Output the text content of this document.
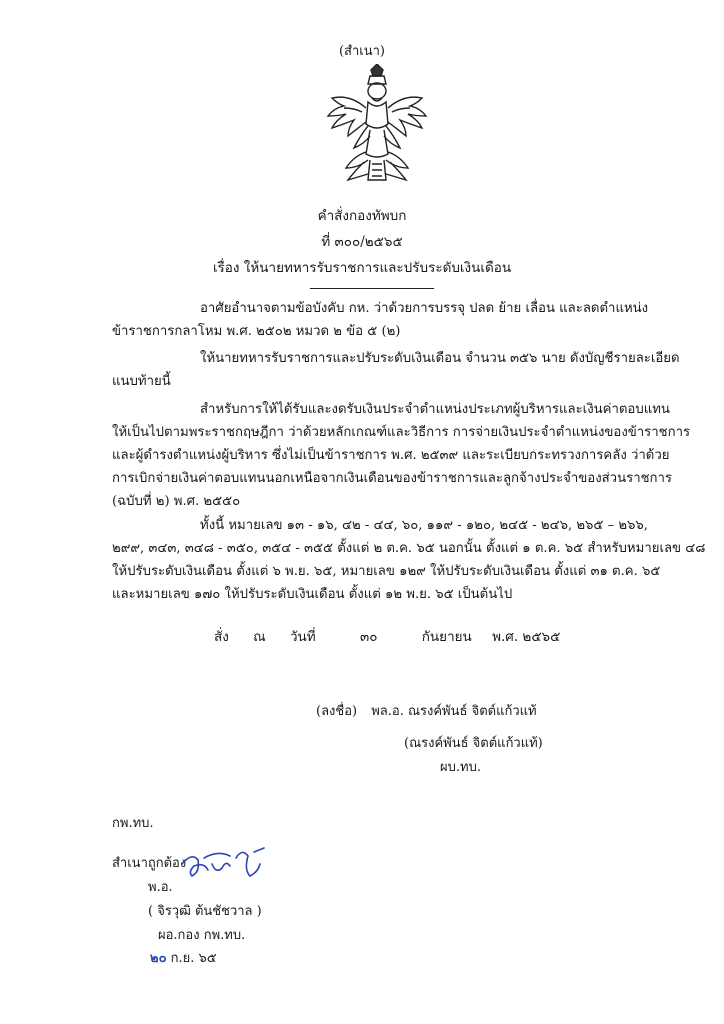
(สำเนา)
คำสั่งกองทัพบก
ที่ ๓๐๐/๒๕๖๕
เรื่อง ให้นายทหารรับราชการและปรับระดับเงินเดือน
อาศัยอำนาจตามข้อบังคับ กห. ว่าด้วยการบรรจุ ปลด ย้าย เลื่อน และลดตำแหน่ง
ข้าราชการกลาโหม พ.ศ. ๒๕๐๒ หมวด ๒ ข้อ ๕ (๒)
ให้นายทหารรับราชการและปรับระดับเงินเดือน จำนวน ๓๕๖ นาย ดังบัญชีรายละเอียด
แนบท้ายนี้
สำหรับการให้ได้รับและงดรับเงินประจำตำแหน่งประเภทผู้บริหารและเงินค่าตอบแทน
ให้เป็นไปตามพระราชกฤษฎีกา ว่าด้วยหลักเกณฑ์และวิธีการ การจ่ายเงินประจำตำแหน่งของข้าราชการ
และผู้ดำรงตำแหน่งผู้บริหาร ซึ่งไม่เป็นข้าราชการ พ.ศ. ๒๕๓๙ และระเบียบกระทรวงการคลัง ว่าด้วย
การเบิกจ่ายเงินค่าตอบแทนนอกเหนือจากเงินเดือนของข้าราชการและลูกจ้างประจำของส่วนราชการ
(ฉบับที่ ๒) พ.ศ. ๒๕๕๐
ทั้งนี้ หมายเลข ๑๓ - ๑๖, ๔๒ - ๔๔, ๖๐, ๑๑๙ - ๑๒๐, ๒๔๕ - ๒๔๖, ๒๖๕ – ๒๖๖,
๒๙๙, ๓๔๓, ๓๔๘ - ๓๕๐, ๓๕๔ - ๓๕๕ ตั้งแต่ ๒ ต.ค. ๖๕ นอกนั้น ตั้งแต่ ๑ ต.ค. ๖๕ สำหรับหมายเลข ๔๘
ให้ปรับระดับเงินเดือน ตั้งแต่ ๖ พ.ย. ๖๕, หมายเลข ๑๒๙ ให้ปรับระดับเงินเดือน ตั้งแต่ ๓๑ ต.ค. ๖๕
และหมายเลข ๑๗๐ ให้ปรับระดับเงินเดือน ตั้งแต่ ๑๒ พ.ย. ๖๕ เป็นต้นไป
สั่ง ณ วันที่	๓๐	กันยายน พ.ศ. ๒๕๖๕
(ลงชื่อ) พล.อ. ณรงค์พันธ์ จิตต์แก้วแท้
(ณรงค์พันธ์ จิตต์แก้วแท้)
ผบ.ทบ.
กพ.ทบ.
สำเนาถูกต้อง
พ.อ.
( จิรวุฒิ ต้นชัชวาล )
ผอ.กอง กพ.ทบ.
๒๐ ก.ย. ๖๕
